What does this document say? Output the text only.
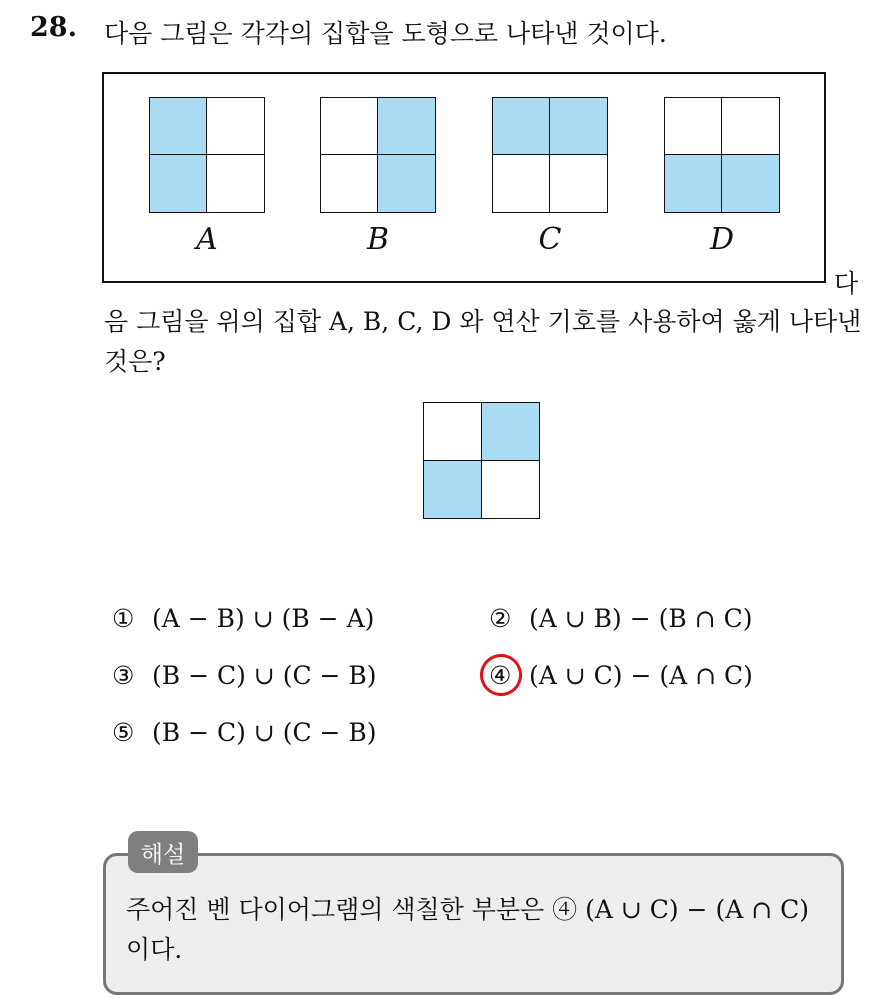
28. 다음 그림은 각각의 집합을 도형으로 나타낸 것이다.
A	B	C	D
다
음 그림을 위의 집합 A, B, C, D 와 연산 기호를 사용하여 옳게 나타낸
것은?
① (A − B) ∪ (B − A)	② (A ∪ B) − (B ∩ C)
③ (B − C) ∪ (C − B)	④ (A ∪ C) − (A ∩ C)
⑤ (B − C) ∪ (C − B)
해설
주어진 벤 다이어그램의 색칠한 부분은 ④ (A ∪ C) − (A ∩ C)
이다.
